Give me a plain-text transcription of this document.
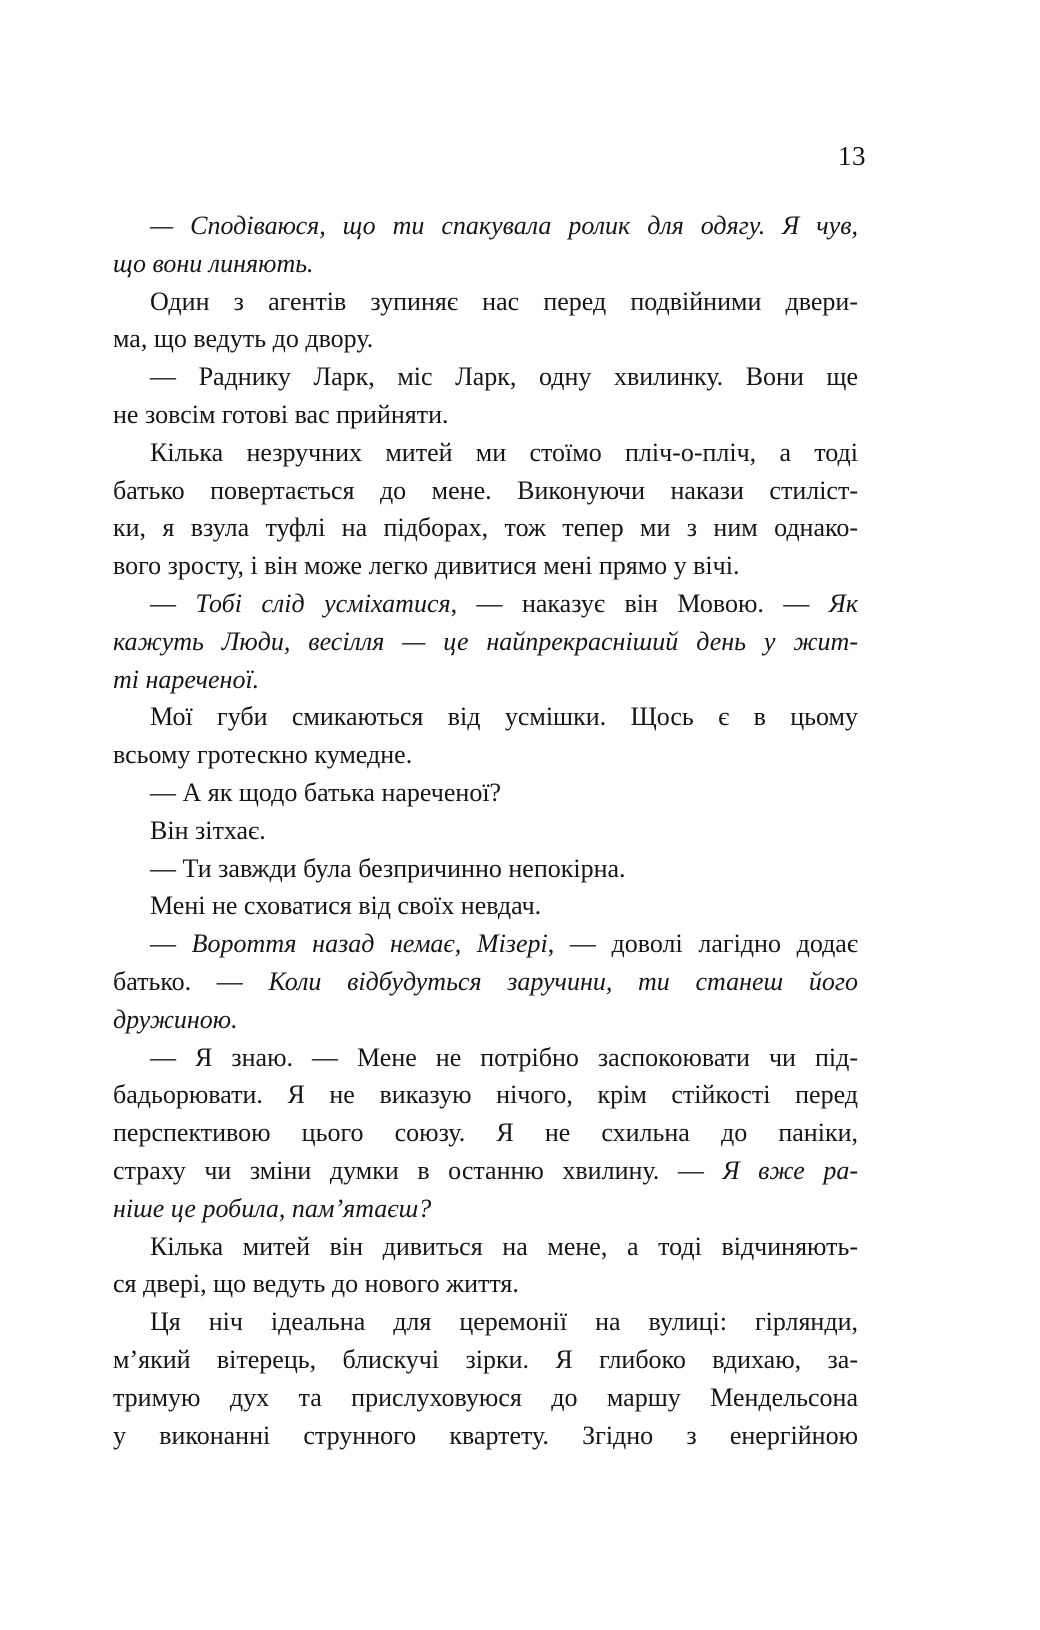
13
— Сподіваюся, що ти спакувала ролик для одягу. Я чув,
що вони линяють.
Один з агентів зупиняє нас перед подвійними двери-
ма, що ведуть до двору.
— Раднику Ларк, міс Ларк, одну хвилинку. Вони ще
не зовсім готові вас прийняти.
Кілька незручних митей ми стоїмо пліч-о-пліч, а тоді
батько повертається до мене. Виконуючи накази стиліст-
ки, я взула туфлі на підборах, тож тепер ми з ним однако-
вого зросту, і він може легко дивитися мені прямо у вічі.
— Тобі слід усміхатися, — наказує він Мовою. — Як
кажуть Люди, весілля — це найпрекрасніший день у жит-
ті нареченої.
Мої губи смикаються від усмішки. Щось є в цьому
всьому гротескно кумедне.
— А як щодо батька нареченої?
Він зітхає.
— Ти завжди була безпричинно непокірна.
Мені не сховатися від своїх невдач.
— Вороття назад немає, Мізері, — доволі лагідно додає
батько. — Коли відбудуться заручини, ти станеш його
дружиною.
— Я знаю. — Мене не потрібно заспокоювати чи під-
бадьорювати. Я не виказую нічого, крім стійкості перед
перспективою цього союзу. Я не схильна до паніки,
страху чи зміни думки в останню хвилину. — Я вже ра-
ніше це робила, пам’ятаєш?
Кілька митей він дивиться на мене, а тоді відчиняють-
ся двері, що ведуть до нового життя.
Ця ніч ідеальна для церемонії на вулиці: гірлянди,
м’який вітерець, блискучі зірки. Я глибоко вдихаю, за-
тримую дух та прислуховуюся до маршу Мендельсона
у виконанні струнного квартету. Згідно з енергійною
